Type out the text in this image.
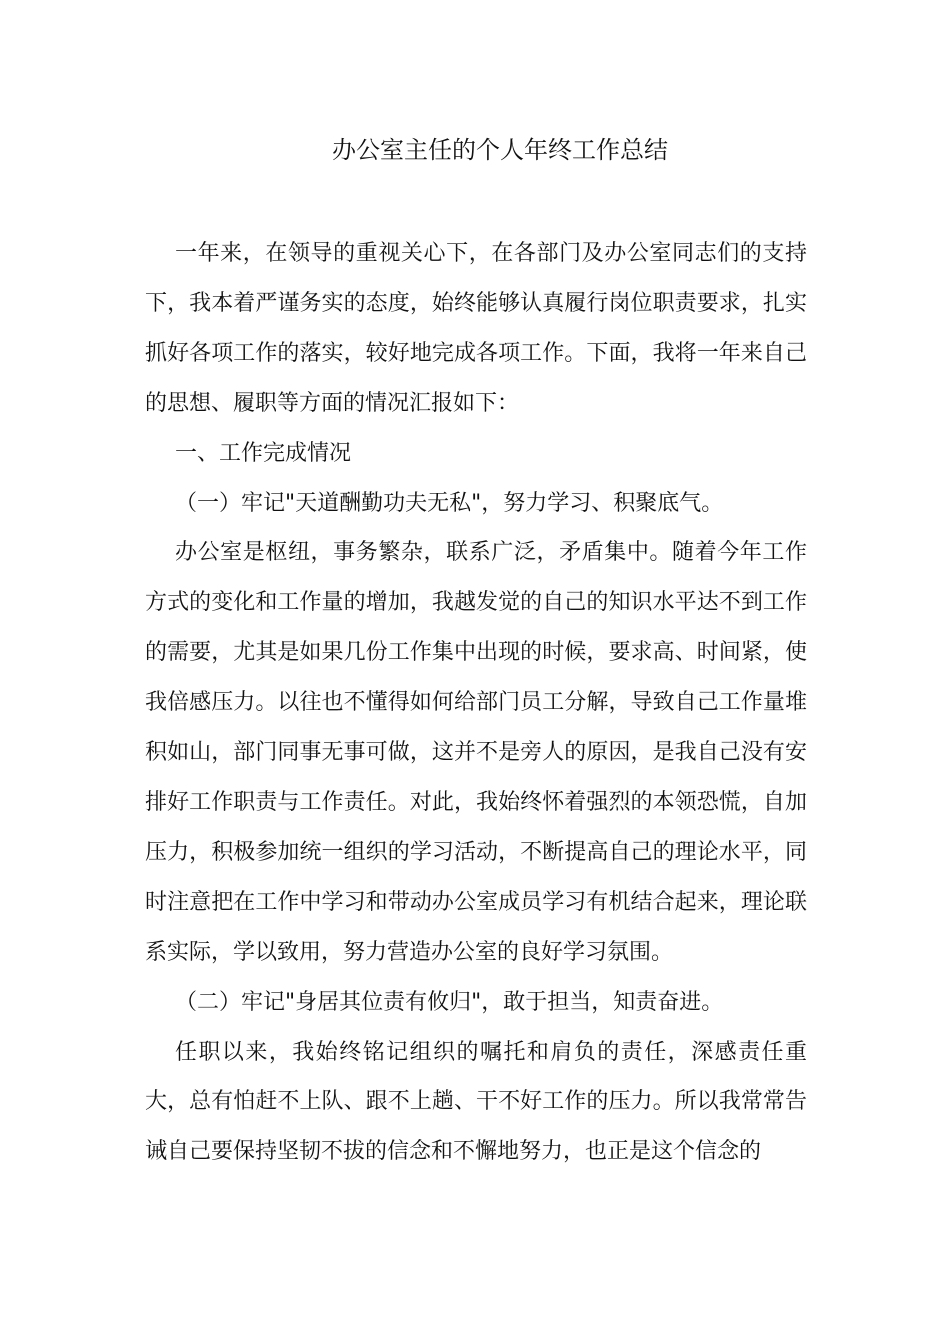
办公室主任的个人年终工作总结

一年来，在领导的重视关心下，在各部门及办公室同志们的支持下，我本着严谨务实的态度，始终能够认真履行岗位职责要求，扎实抓好各项工作的落实，较好地完成各项工作。下面，我将一年来自己的思想、履职等方面的情况汇报如下：

一、工作完成情况

（一）牢记"天道酬勤功夫无私"，努力学习、积聚底气。

办公室是枢纽，事务繁杂，联系广泛，矛盾集中。随着今年工作方式的变化和工作量的增加，我越发觉的自己的知识水平达不到工作的需要，尤其是如果几份工作集中出现的时候，要求高、时间紧，使我倍感压力。以往也不懂得如何给部门员工分解，导致自己工作量堆积如山，部门同事无事可做，这并不是旁人的原因，是我自己没有安排好工作职责与工作责任。对此，我始终怀着强烈的本领恐慌，自加压力，积极参加统一组织的学习活动，不断提高自己的理论水平，同时注意把在工作中学习和带动办公室成员学习有机结合起来，理论联系实际，学以致用，努力营造办公室的良好学习氛围。

（二）牢记"身居其位责有攸归"，敢于担当，知责奋进。

任职以来，我始终铭记组织的嘱托和肩负的责任，深感责任重大，总有怕赶不上队、跟不上趟、干不好工作的压力。所以我常常告诫自己要保持坚韧不拔的信念和不懈地努力，也正是这个信念的
